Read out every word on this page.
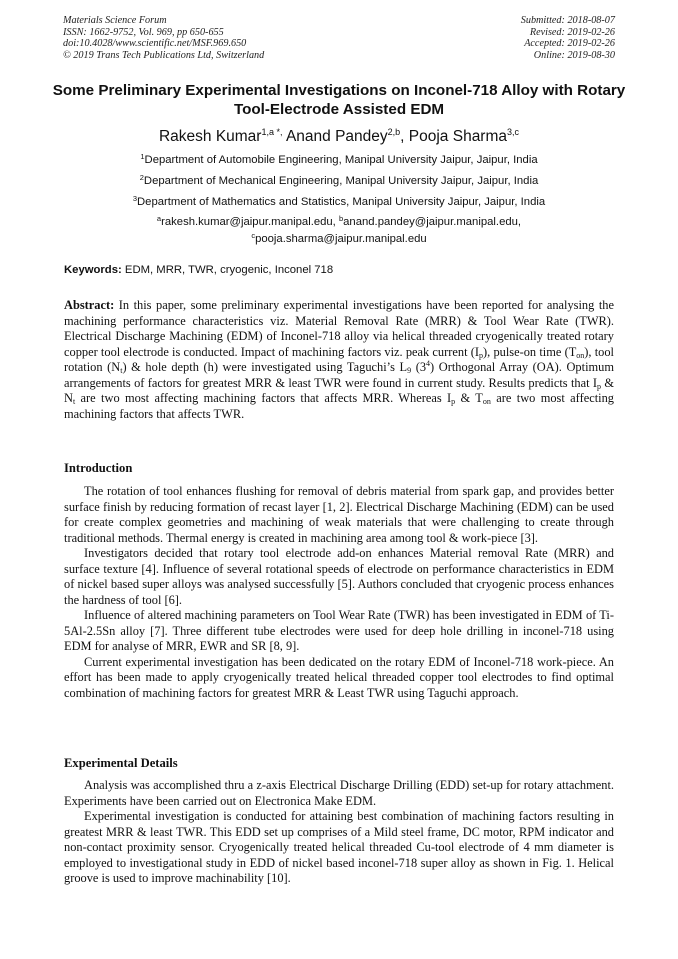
Materials Science Forum
ISSN: 1662-9752, Vol. 969, pp 650-655
doi:10.4028/www.scientific.net/MSF.969.650
© 2019 Trans Tech Publications Ltd, Switzerland
Submitted: 2018-08-07
Revised: 2019-02-26
Accepted: 2019-02-26
Online: 2019-08-30
Some Preliminary Experimental Investigations on Inconel-718 Alloy with Rotary Tool-Electrode Assisted EDM
Rakesh Kumar$^{1,a *,}$ Anand Pandey$^{2,b}$, Pooja Sharma$^{3,c}$
$^1$Department of Automobile Engineering, Manipal University Jaipur, Jaipur, India
$^2$Department of Mechanical Engineering, Manipal University Jaipur, Jaipur, India
$^3$Department of Mathematics and Statistics, Manipal University Jaipur, Jaipur, India
$^a$rakesh.kumar@jaipur.manipal.edu, $^b$anand.pandey@jaipur.manipal.edu,
$^c$pooja.sharma@jaipur.manipal.edu
Keywords: EDM, MRR, TWR, cryogenic, Inconel 718
Abstract: In this paper, some preliminary experimental investigations have been reported for analysing the machining performance characteristics viz. Material Removal Rate (MRR) & Tool Wear Rate (TWR). Electrical Discharge Machining (EDM) of Inconel-718 alloy via helical threaded cryogenically treated rotary copper tool electrode is conducted. Impact of machining factors viz. peak current $(I_p)$, pulse-on time $(T_{on})$, tool rotation $(N_t)$ & hole depth (h) were investigated using Taguchi’s $L_9$ $(3^4)$ Orthogonal Array (OA). Optimum arrangements of factors for greatest MRR & least TWR were found in current study. Results predicts that $I_p$ & $N_t$ are two most affecting machining factors that affects MRR. Whereas $I_p$ & $T_{on}$ are two most affecting machining factors that affects TWR.
Introduction

The rotation of tool enhances flushing for removal of debris material from spark gap, and provides better surface finish by reducing formation of recast layer [1, 2]. Electrical Discharge Machining (EDM) can be used for create complex geometries and machining of weak materials that were challenging to create through traditional methods. Thermal energy is created in machining area among tool & work-piece [3].

Investigators decided that rotary tool electrode add-on enhances Material removal Rate (MRR) and surface texture [4]. Influence of several rotational speeds of electrode on performance characteristics in EDM of nickel based super alloys was analysed successfully [5]. Authors concluded that cryogenic process enhances the hardness of tool [6].

Influence of altered machining parameters on Tool Wear Rate (TWR) has been investigated in EDM of Ti-5Al-2.5Sn alloy [7]. Three different tube electrodes were used for deep hole drilling in inconel-718 using EDM for analyse of MRR, EWR and SR [8, 9].

Current experimental investigation has been dedicated on the rotary EDM of Inconel-718 work-piece. An effort has been made to apply cryogenically treated helical threaded copper tool electrodes to find optimal combination of machining factors for greatest MRR & Least TWR using Taguchi approach.

Experimental Details

Analysis was accomplished thru a z-axis Electrical Discharge Drilling (EDD) set-up for rotary attachment. Experiments have been carried out on Electronica Make EDM.

Experimental investigation is conducted for attaining best combination of machining factors resulting in greatest MRR & least TWR. This EDD set up comprises of a Mild steel frame, DC motor, RPM indicator and non-contact proximity sensor. Cryogenically treated helical threaded Cu-tool electrode of 4 mm diameter is employed to investigational study in EDD of nickel based inconel-718 super alloy as shown in Fig. 1. Helical groove is used to improve machinability [10].
